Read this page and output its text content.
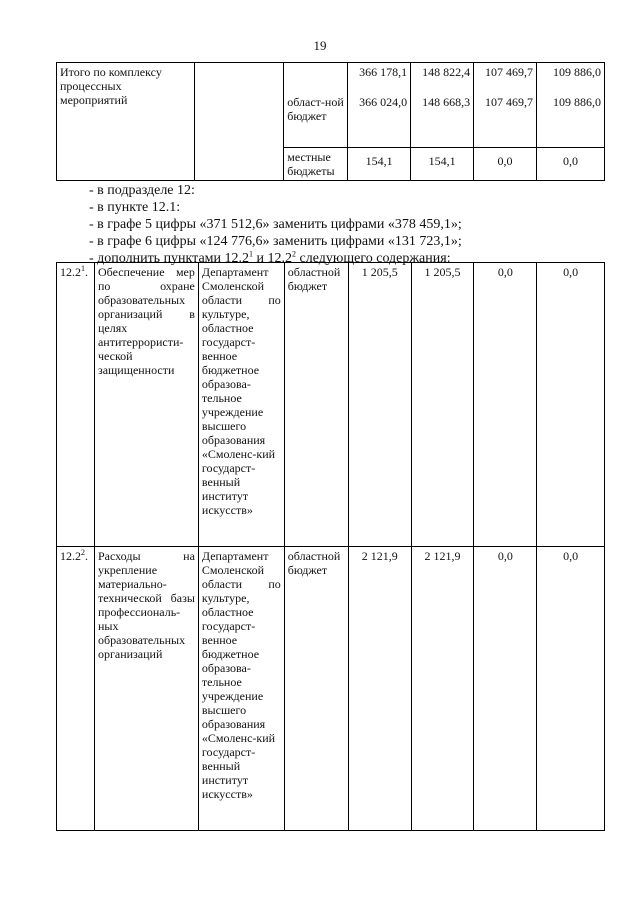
19
Итого по комплексу процессных мероприятий			366 178,1	148 822,4	107 469,7	109 886,0
		област-ной бюджет	366 024,0	148 668,3	107 469,7	109 886,0
		местные бюджеты	154,1	154,1	0,0	0,0
- в подразделе 12:
- в пункте 12.1:
- в графе 5 цифры «371 512,6» заменить цифрами «378 459,1»;
- в графе 6 цифры «124 776,6» заменить цифрами «131 723,1»;
- дополнить пунктами 12.2$^1$ и 12.2$^2$ следующего содержания:
12.2$^1$.	Обеспечение мер по охране образовательных организаций в целях антитеррористи-ческой защищенности	Департамент Смоленской области по культуре, областное государст-венное бюджетное образова-тельное учреждение высшего образования «Смоленс-кий государст-венный институт искусств»	областной бюджет	1 205,5	1 205,5	0,0	0,0
12.2$^2$.	Расходы на укрепление материально-технической базы профессиональ-ных образовательных организаций	Департамент Смоленской области по культуре, областное государст-венное бюджетное образова-тельное учреждение высшего образования «Смоленс-кий государст-венный институт искусств»	областной бюджет	2 121,9	2 121,9	0,0	0,0
